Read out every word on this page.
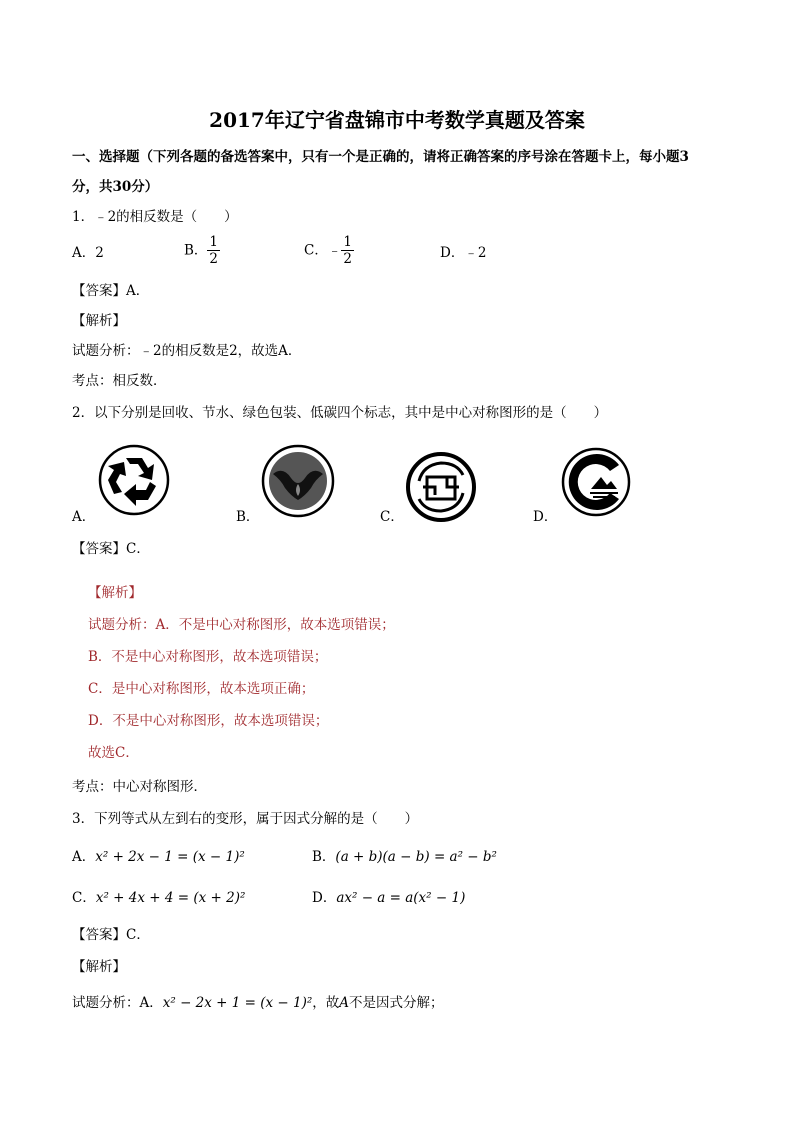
2017年辽宁省盘锦市中考数学真题及答案
一、选择题（下列各题的备选答案中，只有一个是正确的，请将正确答案的序号涂在答题卡上，每小题3
分，共30分）
1．﹣2的相反数是（　　）
A．2	B． $\frac{1}{2}$	C．﹣ $\frac{1}{2}$	D．﹣2
【答案】A．
【解析】
试题分析：﹣2的相反数是2，故选A．
考点：相反数．
2．以下分别是回收、节水、绿色包装、低碳四个标志，其中是中心对称图形的是（　　）
A．	B．	C．	D．
【答案】C．
【解析】
试题分析：A．不是中心对称图形，故本选项错误；
B．不是中心对称图形，故本选项错误；
C．是中心对称图形，故本选项正确；
D．不是中心对称图形，故本选项错误；
故选C．
考点：中心对称图形．
3．下列等式从左到右的变形，属于因式分解的是（　　）
A．x² + 2x − 1 = (x − 1)²	B．(a + b)(a − b) = a² − b²
C．x² + 4x + 4 = (x + 2)²	D．ax² − a = a(x² − 1)
【答案】C．
【解析】
试题分析：A．x² − 2x + 1 = (x − 1)²，故A不是因式分解；
